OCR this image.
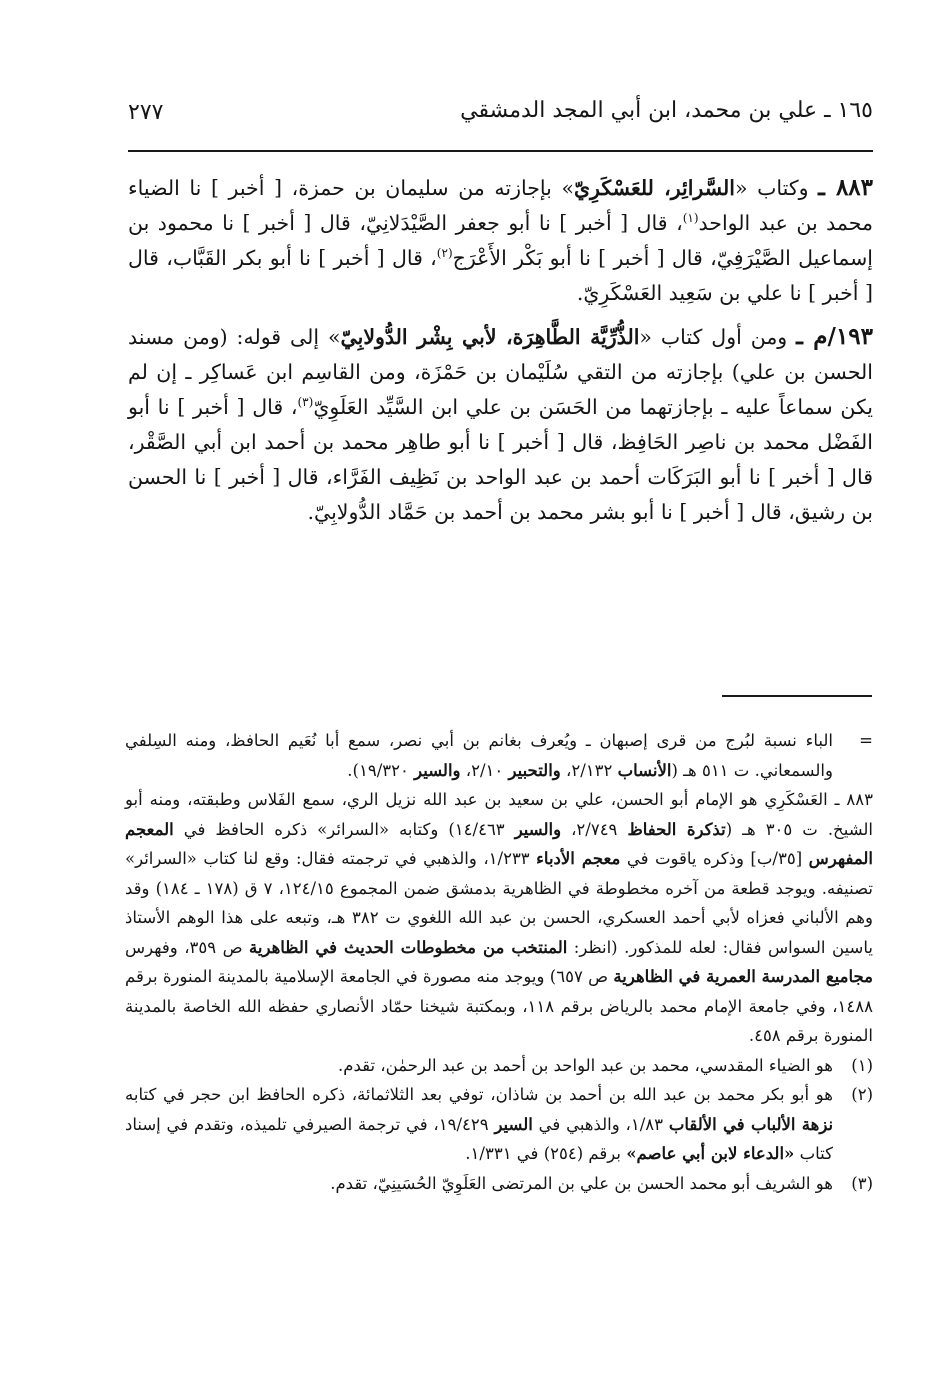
١٦٥ ـ علي بن محمد، ابن أبي المجد الدمشقي
٢٧٧

٨٨٣ ـ وكتاب «السَّرائِر، للعَسْكَرِيّ» بإجازته من سليمان بن حمزة، [ أخبر ] نا الضياء محمد بن عبد الواحد$^{(١)}$، قال [ أخبر ] نا أبو جعفر الصَّيْدَلانِيّ، قال [ أخبر ] نا محمود بن إسماعيل الصَّيْرَفِيّ، قال [ أخبر ] نا أبو بَكْر الأَعْرَج$^{(٢)}$، قال [ أخبر ] نا أبو بكر القَبَّاب، قال [ أخبر ] نا علي بن سَعِيد العَسْكَرِيّ.

١٩٣/م ـ ومن أول كتاب «الذُّرِّيَّة الطَّاهِرَة، لأبي بِشْر الدُّولابِيّ» إلى قوله: (ومن مسند الحسن بن علي) بإجازته من التقي سُلَيْمان بن حَمْزَة، ومن القاسِم ابن عَساكِر ـ إن لم يكن سماعاً عليه ـ بإجازتهما من الحَسَن بن علي ابن السَّيِّد العَلَوِيّ$^{(٣)}$، قال [ أخبر ] نا أبو الفَضْل محمد بن ناصِر الحَافِظ، قال [ أخبر ] نا أبو طاهِر محمد بن أحمد ابن أبي الصَّقْر، قال [ أخبر ] نا أبو البَرَكَات أحمد بن عبد الواحد بن نَظِيف الفَرَّاء، قال [ أخبر ] نا الحسن بن رشيق، قال [ أخبر ] نا أبو بشر محمد بن أحمد بن حَمَّاد الدُّولابِيّ.

=
الباء نسبة لبُرج من قرى إصبهان ـ ويُعرف بغانم بن أبي نصر، سمع أبا نُعَيم الحافظ، ومنه السِلفي والسمعاني. ت ٥١١ هـ (الأنساب ٢/١٣٢، والتحبير ٢/١٠، والسير ١٩/٣٢٠).

٨٨٣ ـ العَسْكَرِي هو الإمام أبو الحسن، علي بن سعيد بن عبد الله نزيل الري، سمع الفَلاس وطبقته، ومنه أبو الشيخ. ت ٣٠٥ هـ (تذكرة الحفاظ ٢/٧٤٩، والسير ١٤/٤٦٣) وكتابه «السرائر» ذكره الحافظ في المعجم المفهرس [٣٥/ب] وذكره ياقوت في معجم الأدباء ١/٢٣٣، والذهبي في ترجمته فقال: وقع لنا كتاب «السرائر» تصنيفه. ويوجد قطعة من آخره مخطوطة في الظاهرية بدمشق ضمن المجموع ١٢٤/١٥، ٧ ق (١٧٨ ـ ١٨٤) وقد وهم الألباني فعزاه لأبي أحمد العسكري، الحسن بن عبد الله اللغوي ت ٣٨٢ هـ، وتبعه على هذا الوهم الأستاذ ياسين السواس فقال: لعله للمذكور. (انظر: المنتخب من مخطوطات الحديث في الظاهرية ص ٣٥٩، وفهرس مجاميع المدرسة العمرية في الظاهرية ص ٦٥٧) ويوجد منه مصورة في الجامعة الإسلامية بالمدينة المنورة برقم ١٤٨٨، وفي جامعة الإمام محمد بالرياض برقم ١١٨، وبمكتبة شيخنا حمّاد الأنصاري حفظه الله الخاصة بالمدينة المنورة برقم ٤٥٨.

(١)
هو الضياء المقدسي، محمد بن عبد الواحد بن أحمد بن عبد الرحمٰن، تقدم.

(٢)
هو أبو بكر محمد بن عبد الله بن أحمد بن شاذان، توفي بعد الثلاثمائة، ذكره الحافظ ابن حجر في كتابه نزهة الألباب في الألقاب ١/٨٣، والذهبي في السير ١٩/٤٢٩، في ترجمة الصيرفي تلميذه، وتقدم في إسناد كتاب «الدعاء لابن أبي عاصم» برقم (٢٥٤) في ١/٣٣١.

(٣)
هو الشريف أبو محمد الحسن بن علي بن المرتضى العَلَوِيّ الحُسَينِيّ، تقدم.
